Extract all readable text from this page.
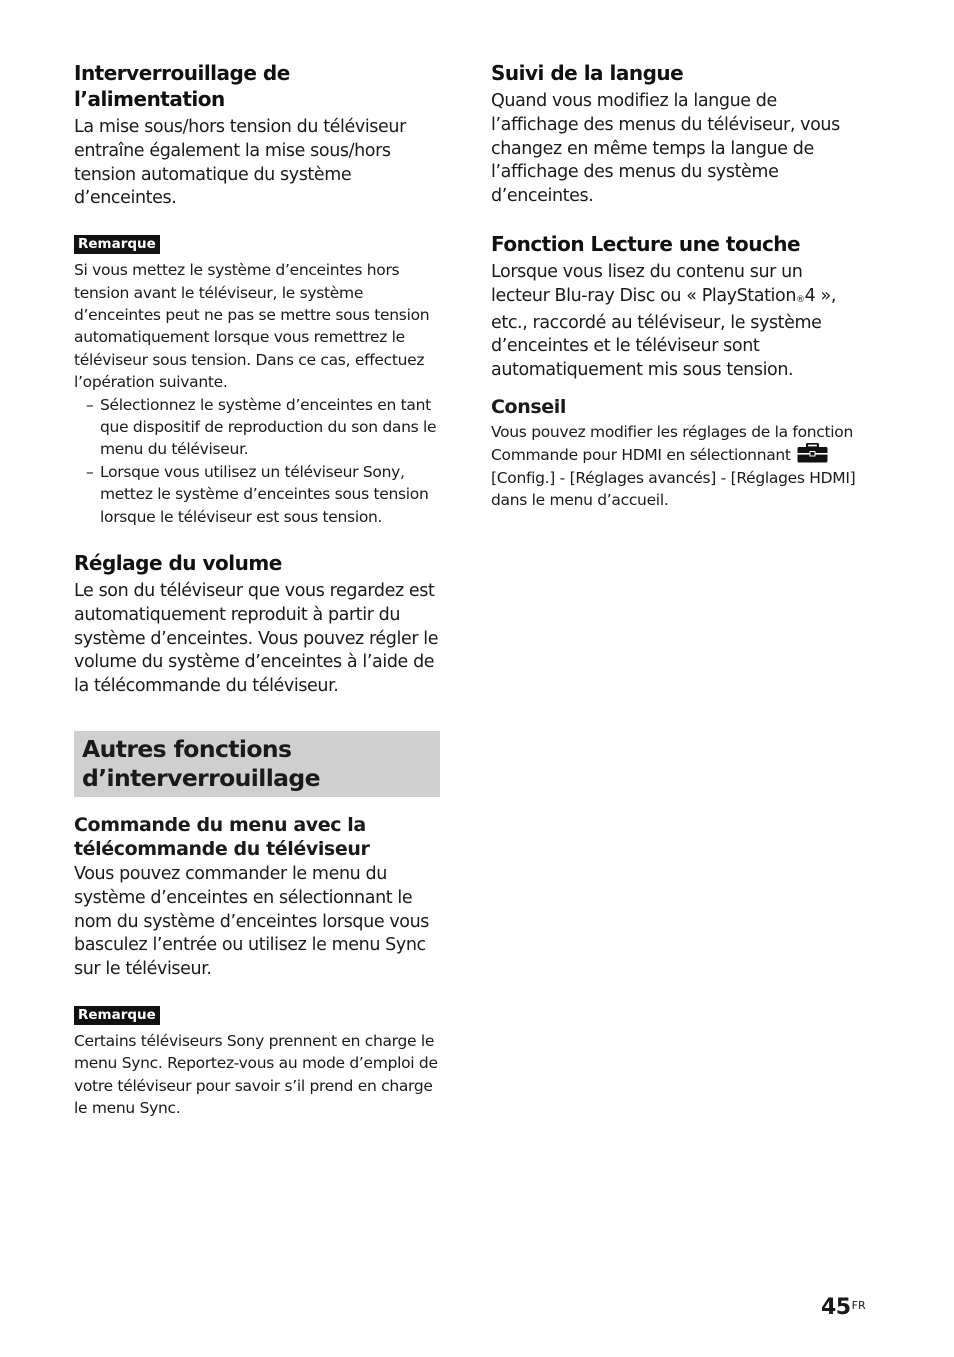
Interverrouillage de l’alimentation

La mise sous/hors tension du téléviseur entraîne également la mise sous/hors tension automatique du système d’enceintes.

Remarque

Si vous mettez le système d’enceintes hors tension avant le téléviseur, le système d’enceintes peut ne pas se mettre sous tension automatiquement lorsque vous remettrez le téléviseur sous tension. Dans ce cas, effectuez l’opération suivante.

– Sélectionnez le système d’enceintes en tant que dispositif de reproduction du son dans le menu du téléviseur.
– Lorsque vous utilisez un téléviseur Sony, mettez le système d’enceintes sous tension lorsque le téléviseur est sous tension.
Réglage du volume

Le son du téléviseur que vous regardez est automatiquement reproduit à partir du système d’enceintes. Vous pouvez régler le volume du système d’enceintes à l’aide de la télécommande du téléviseur.

Autres fonctions d’interverrouillage
Commande du menu avec la télécommande du téléviseur

Vous pouvez commander le menu du système d’enceintes en sélectionnant le nom du système d’enceintes lorsque vous basculez l’entrée ou utilisez le menu Sync sur le téléviseur.

Remarque

Certains téléviseurs Sony prennent en charge le menu Sync. Reportez-vous au mode d’emploi de votre téléviseur pour savoir s’il prend en charge le menu Sync.

Suivi de la langue

Quand vous modifiez la langue de l’affichage des menus du téléviseur, vous changez en même temps la langue de l’affichage des menus du système d’enceintes.

Fonction Lecture une touche

Lorsque vous lisez du contenu sur un lecteur Blu-ray Disc ou « PlayStation®4 », etc., raccordé au téléviseur, le système d’enceintes et le téléviseur sont automatiquement mis sous tension.

Conseil

Vous pouvez modifier les réglages de la fonction Commande pour HDMI en sélectionnant  [Config.] - [Réglages avancés] - [Réglages HDMI] dans le menu d’accueil.

$45^{FR}$
